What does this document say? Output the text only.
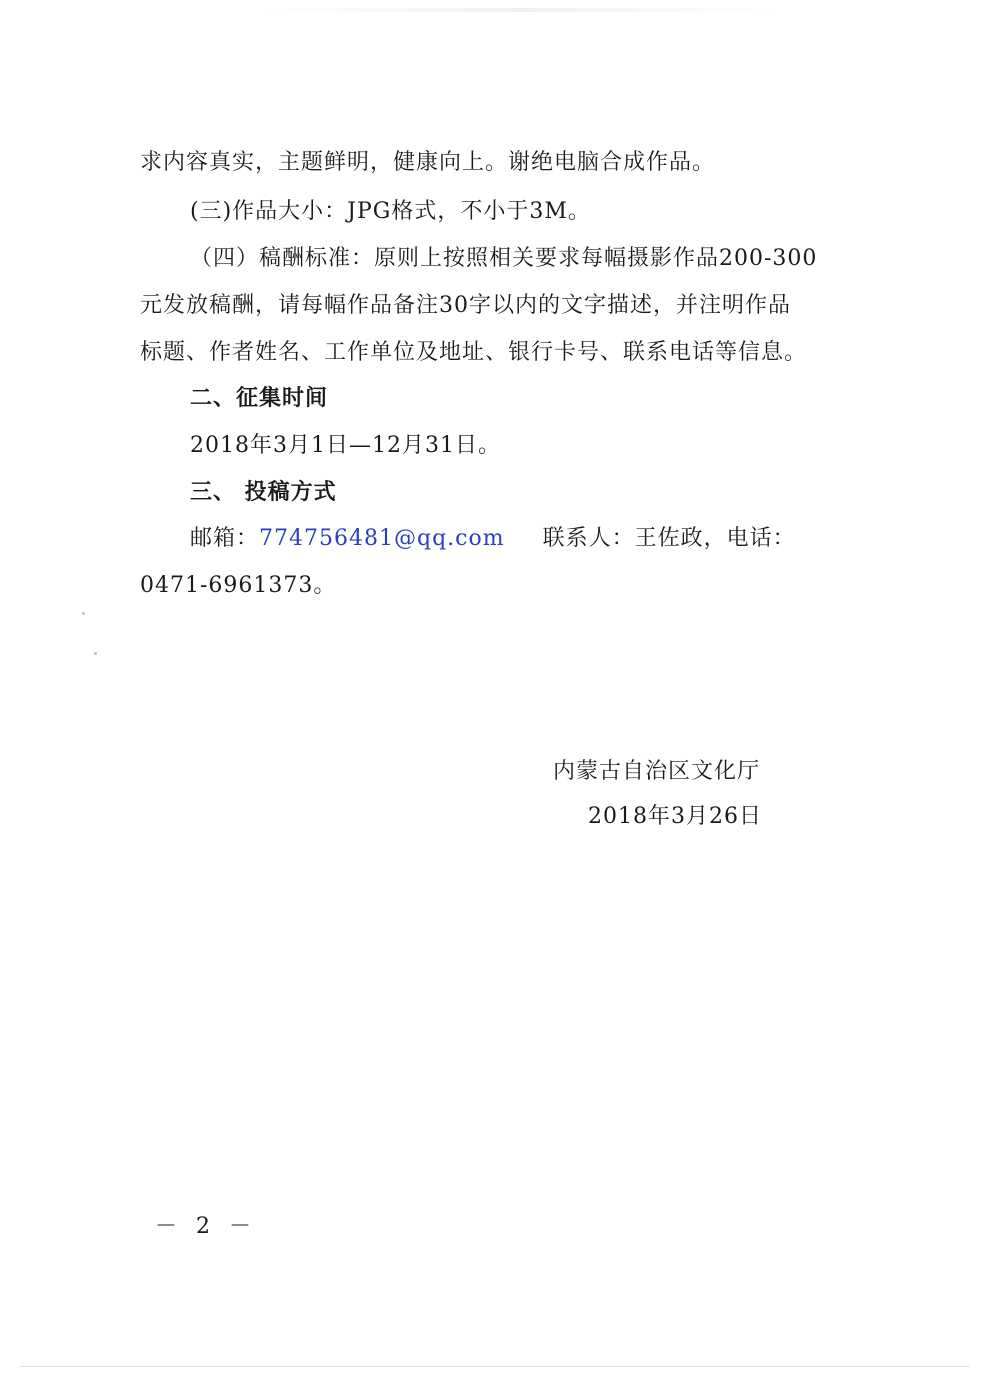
求内容真实，主题鲜明，健康向上。谢绝电脑合成作品。
(三)作品大小：JPG格式，不小于3M。
（四）稿酬标准：原则上按照相关要求每幅摄影作品200-300
元发放稿酬，请每幅作品备注30字以内的文字描述，并注明作品
标题、作者姓名、工作单位及地址、银行卡号、联系电话等信息。
二、征集时间
2018年3月1日—12月31日。
三、 投稿方式
邮箱：774756481@qq.com 联系人：王佐政，电话：
0471-6961373。
内蒙古自治区文化厅
2018年3月26日
－ 2 －
